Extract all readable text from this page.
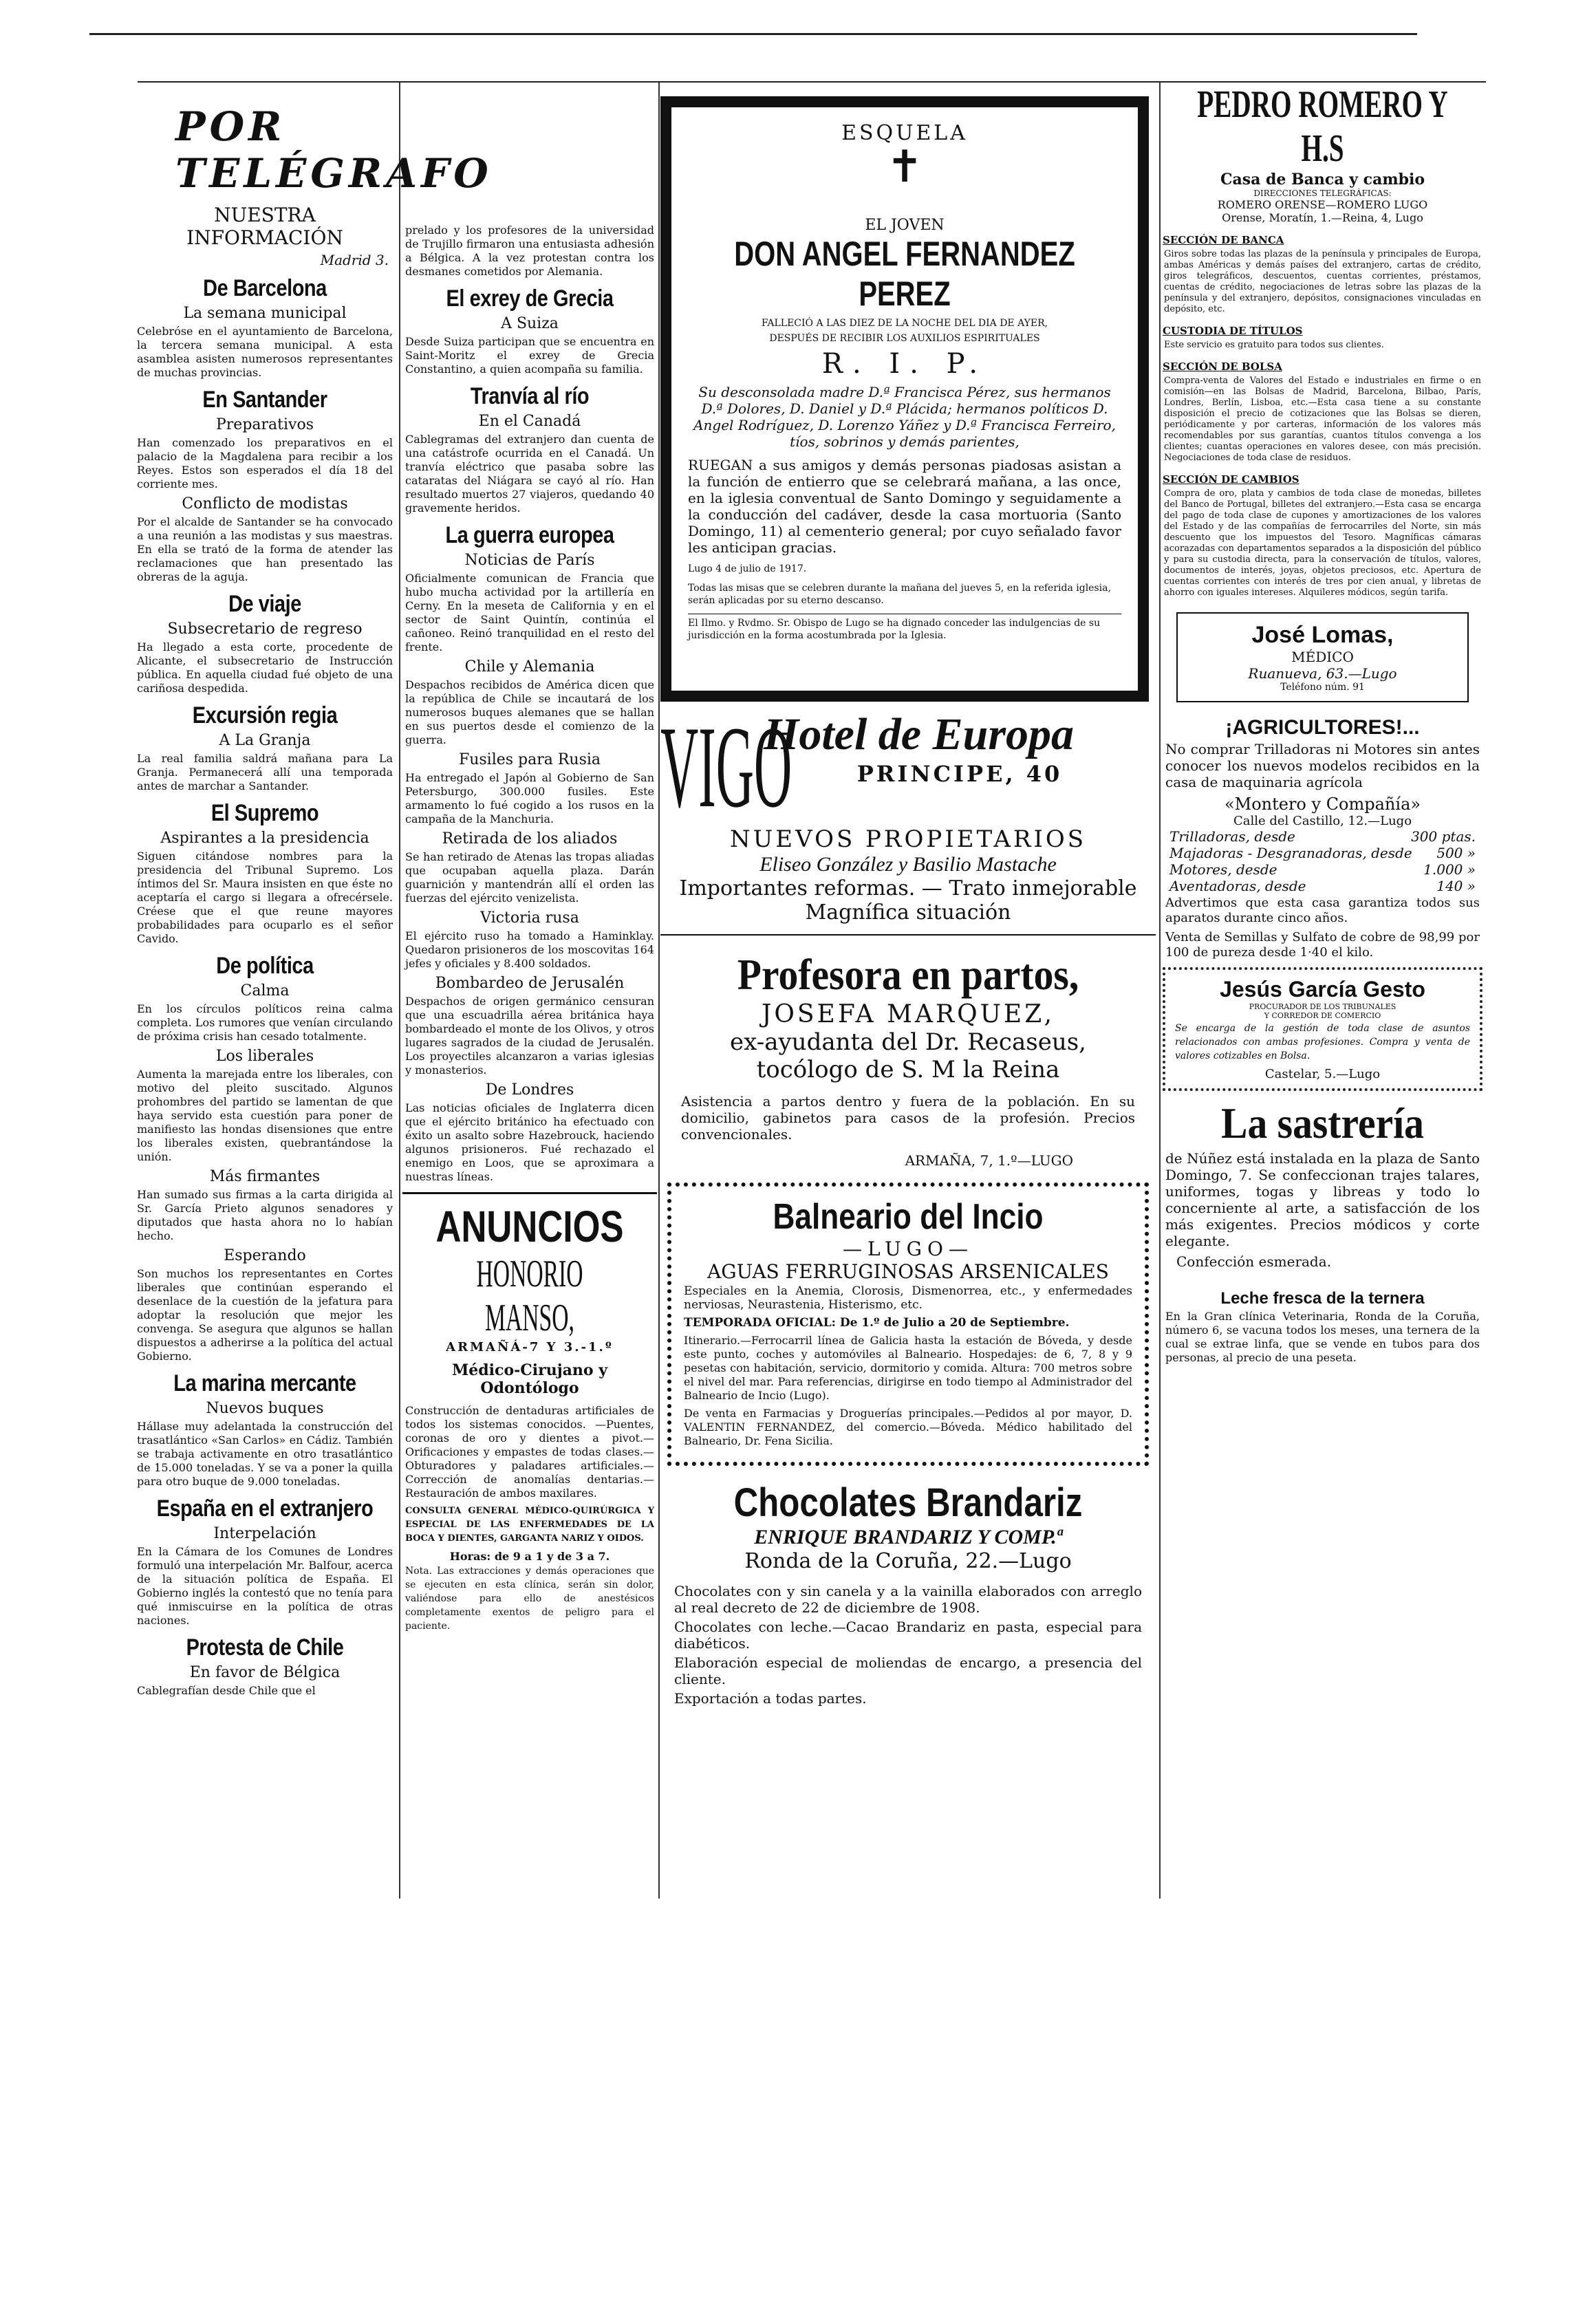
POR TELÉGRAFO
NUESTRA INFORMACIÓN
Madrid 3.
De Barcelona
La semana municipal

Celebróse en el ayuntamiento de Barcelona, la tercera semana municipal. A esta asamblea asisten numerosos representantes de muchas provincias.

En Santander
Preparativos

Han comenzado los preparativos en el palacio de la Magdalena para recibir a los Reyes. Estos son esperados el día 18 del corriente mes.

Conflicto de modistas

Por el alcalde de Santander se ha convocado a una reunión a las modistas y sus maestras. En ella se trató de la forma de atender las reclamaciones que han presentado las obreras de la aguja.

De viaje
Subsecretario de regreso

Ha llegado a esta corte, procedente de Alicante, el subsecretario de Instrucción pública. En aquella ciudad fué objeto de una cariñosa despedida.

Excursión regia
A La Granja

La real familia saldrá mañana para La Granja. Permanecerá allí una temporada antes de marchar a Santander.

El Supremo
Aspirantes a la presidencia

Siguen citándose nombres para la presidencia del Tribunal Supremo. Los íntimos del Sr. Maura insisten en que éste no aceptaría el cargo si llegara a ofrecérsele. Créese que el que reune mayores probabilidades para ocuparlo es el señor Cavido.

De política
Calma

En los círculos políticos reina calma completa. Los rumores que venían circulando de próxima crisis han cesado totalmente.

Los liberales

Aumenta la marejada entre los liberales, con motivo del pleito suscitado. Algunos prohombres del partido se lamentan de que haya servido esta cuestión para poner de manifiesto las hondas disensiones que entre los liberales existen, quebrantándose la unión.

Más firmantes

Han sumado sus firmas a la carta dirigida al Sr. García Prieto algunos senadores y diputados que hasta ahora no lo habían hecho.

Esperando

Son muchos los representantes en Cortes liberales que continúan esperando el desenlace de la cuestión de la jefatura para adoptar la resolución que mejor les convenga. Se asegura que algunos se hallan dispuestos a adherirse a la política del actual Gobierno.

La marina mercante
Nuevos buques

Hállase muy adelantada la construcción del trasatlántico «San Carlos» en Cádiz. También se trabaja activamente en otro trasatlántico de 15.000 toneladas. Y se va a poner la quilla para otro buque de 9.000 toneladas.

España en el extranjero
Interpelación

En la Cámara de los Comunes de Londres formuló una interpelación Mr. Balfour, acerca de la situación política de España. El Gobierno inglés la contestó que no tenía para qué inmiscuirse en la política de otras naciones.

Protesta de Chile
En favor de Bélgica

Cablegrafían desde Chile que el

prelado y los profesores de la universidad de Trujillo firmaron una entusiasta adhesión a Bélgica. A la vez protestan contra los desmanes cometidos por Alemania.

El exrey de Grecia
A Suiza

Desde Suiza participan que se encuentra en Saint-Moritz el exrey de Grecia Constantino, a quien acompaña su familia.

Tranvía al río
En el Canadá

Cablegramas del extranjero dan cuenta de una catástrofe ocurrida en el Canadá. Un tranvía eléctrico que pasaba sobre las cataratas del Niágara se cayó al río. Han resultado muertos 27 viajeros, quedando 40 gravemente heridos.

La guerra europea
Noticias de París

Oficialmente comunican de Francia que hubo mucha actividad por la artillería en Cerny. En la meseta de California y en el sector de Saint Quintín, continúa el cañoneo. Reinó tranquilidad en el resto del frente.

Chile y Alemania

Despachos recibidos de América dicen que la república de Chile se incautará de los numerosos buques alemanes que se hallan en sus puertos desde el comienzo de la guerra.

Fusiles para Rusia

Ha entregado el Japón al Gobierno de San Petersburgo, 300.000 fusiles. Este armamento lo fué cogido a los rusos en la campaña de la Manchuria.

Retirada de los aliados

Se han retirado de Atenas las tropas aliadas que ocupaban aquella plaza. Darán guarnición y mantendrán allí el orden las fuerzas del ejército venizelista.

Victoria rusa

El ejército ruso ha tomado a Haminklay. Quedaron prisioneros de los moscovitas 164 jefes y oficiales y 8.400 soldados.

Bombardeo de Jerusalén

Despachos de origen germánico censuran que una escuadrilla aérea británica haya bombardeado el monte de los Olivos, y otros lugares sagrados de la ciudad de Jerusalén. Los proyectiles alcanzaron a varias iglesias y monasterios.

De Londres

Las noticias oficiales de Inglaterra dicen que el ejército británico ha efectuado con éxito un asalto sobre Hazebrouck, haciendo algunos prisioneros. Fué rechazado el enemigo en Loos, que se aproximara a nuestras líneas.

ANUNCIOS
HONORIO MANSO,
ARMAÑÁ-7 Y 3.-1.º
Médico-Cirujano y Odontólogo

Construcción de dentaduras artificiales de todos los sistemas conocidos. —Puentes, coronas de oro y dientes a pivot.—Orificaciones y empastes de todas clases.—Obturadores y paladares artificiales.—Corrección de anomalías dentarias.—Restauración de ambos maxilares.

CONSULTA GENERAL MÉDICO-QUIRÚRGICA Y ESPECIAL DE LAS ENFERMEDADES DE LA BOCA Y DIENTES, GARGANTA NARIZ Y OIDOS.

Horas: de 9 a 1 y de 3 a 7.

Nota. Las extracciones y demás operaciones que se ejecuten en esta clínica, serán sin dolor, valiéndose para ello de anestésicos completamente exentos de peligro para el paciente.

ESQUELA
✝
EL JOVEN
DON ANGEL FERNANDEZ PEREZ
FALLECIÓ A LAS DIEZ DE LA NOCHE DEL DIA DE AYER,
DESPUÉS DE RECIBIR LOS AUXILIOS ESPIRITUALES
R. I. P.
Su desconsolada madre D.ª Francisca Pérez, sus hermanos D.ª Dolores, D. Daniel y D.ª Plácida; hermanos políticos D. Angel Rodríguez, D. Lorenzo Yáñez y D.ª Francisca Ferreiro, tíos, sobrinos y demás parientes,
RUEGAN a sus amigos y demás personas piadosas asistan a la función de entierro que se celebrará mañana, a las once, en la iglesia conventual de Santo Domingo y seguidamente a la conducción del cadáver, desde la casa mortuoria (Santo Domingo, 11) al cementerio general; por cuyo señalado favor les anticipan gracias.
Lugo 4 de julio de 1917.
Todas las misas que se celebren durante la mañana del jueves 5, en la referida iglesia, serán aplicadas por su eterno descanso.
El Ilmo. y Rvdmo. Sr. Obispo de Lugo se ha dignado conceder las indulgencias de su jurisdicción en la forma acostumbrada por la Iglesia.
VIGO
Hotel de Europa
PRINCIPE, 40
NUEVOS PROPIETARIOS
Eliseo González y Basilio Mastache
Importantes reformas. — Trato inmejorable
Magnífica situación
Profesora en partos,
JOSEFA MARQUEZ,
ex-ayudanta del Dr. Recaseus,
tocólogo de S. M la Reina

Asistencia a partos dentro y fuera de la población. En su domicilio, gabinetos para casos de la profesión. Precios convencionales.

ARMAÑA, 7, 1.º—LUGO
Balneario del Incio
—LUGO—
AGUAS FERRUGINOSAS ARSENICALES

Especiales en la Anemia, Clorosis, Dismenorrea, etc., y enfermedades nerviosas, Neurastenia, Histerismo, etc.

TEMPORADA OFICIAL: De 1.º de Julio a 20 de Septiembre.

Itinerario.—Ferrocarril línea de Galicia hasta la estación de Bóveda, y desde este punto, coches y automóviles al Balneario. Hospedajes: de 6, 7, 8 y 9 pesetas con habitación, servicio, dormitorio y comida. Altura: 700 metros sobre el nivel del mar. Para referencias, dirigirse en todo tiempo al Administrador del Balneario de Incio (Lugo).

De venta en Farmacias y Droguerías principales.—Pedidos al por mayor, D. VALENTIN FERNANDEZ, del comercio.—Bóveda. Médico habilitado del Balneario, Dr. Fena Sicilia.

Chocolates Brandariz
ENRIQUE BRANDARIZ Y COMP.ª
Ronda de la Coruña, 22.—Lugo

Chocolates con y sin canela y a la vainilla elaborados con arreglo al real decreto de 22 de diciembre de 1908.

Chocolates con leche.—Cacao Brandariz en pasta, especial para diabéticos.

Elaboración especial de moliendas de encargo, a presencia del cliente.

Exportación a todas partes.

PEDRO ROMERO Y H.S
Casa de Banca y cambio
DIRECCIONES TELEGRÁFICAS:
ROMERO ORENSE—ROMERO LUGO
Orense, Moratín, 1.—Reina, 4, Lugo
SECCIÓN DE BANCA

Giros sobre todas las plazas de la península y principales de Europa, ambas Américas y demás países del extranjero, cartas de crédito, giros telegráficos, descuentos, cuentas corrientes, préstamos, cuentas de crédito, negociaciones de letras sobre las plazas de la península y del extranjero, depósitos, consignaciones vinculadas en depósito, etc.

CUSTODIA DE TÍTULOS

Este servicio es gratuito para todos sus clientes.

SECCIÓN DE BOLSA

Compra-venta de Valores del Estado e industriales en firme o en comisión—en las Bolsas de Madrid, Barcelona, Bilbao, París, Londres, Berlín, Lisboa, etc.—Esta casa tiene a su constante disposición el precio de cotizaciones que las Bolsas se dieren, periódicamente y por carteras, información de los valores más recomendables por sus garantías, cuantos títulos convenga a los clientes; cuantas operaciones en valores desee, con más precisión. Negociaciones de toda clase de residuos.

SECCIÓN DE CAMBIOS

Compra de oro, plata y cambios de toda clase de monedas, billetes del Banco de Portugal, billetes del extranjero.—Esta casa se encarga del pago de toda clase de cupones y amortizaciones de los valores del Estado y de las compañías de ferrocarriles del Norte, sin más descuento que los impuestos del Tesoro. Magníficas cámaras acorazadas con departamentos separados a la disposición del público y para su custodia directa, para la conservación de títulos, valores, documentos de interés, joyas, objetos preciosos, etc. Apertura de cuentas corrientes con interés de tres por cien anual, y libretas de ahorro con iguales intereses. Alquileres módicos, según tarifa.

José Lomas,
MÉDICO
Ruanueva, 63.—Lugo
Teléfono núm. 91
¡AGRICULTORES!...

No comprar Trilladoras ni Motores sin antes conocer los nuevos modelos recibidos en la casa de maquinaria agrícola

«Montero y Compañía»
Calle del Castillo, 12.—Lugo
Trilladoras, desde	300 ptas.
Majadoras - Desgranadoras, desde 500 »
Motores, desde	1.000 »
Aventadoras, desde	140 »

Advertimos que esta casa garantiza todos sus aparatos durante cinco años.

Venta de Semillas y Sulfato de cobre de 98,99 por 100 de pureza desde 1·40 el kilo.

Jesús García Gesto
PROCURADOR DE LOS TRIBUNALES
Y CORREDOR DE COMERCIO

Se encarga de la gestión de toda clase de asuntos relacionados con ambas profesiones. Compra y venta de valores cotizables en Bolsa.

Castelar, 5.—Lugo
La sastrería

de Núñez está instalada en la plaza de Santo Domingo, 7. Se confeccionan trajes talares, uniformes, togas y libreas y todo lo concerniente al arte, a satisfacción de los más exigentes. Precios módicos y corte elegante.

Confección esmerada.
Leche fresca de la ternera

En la Gran clínica Veterinaria, Ronda de la Coruña, número 6, se vacuna todos los meses, una ternera de la cual se extrae linfa, que se vende en tubos para dos personas, al precio de una peseta.
